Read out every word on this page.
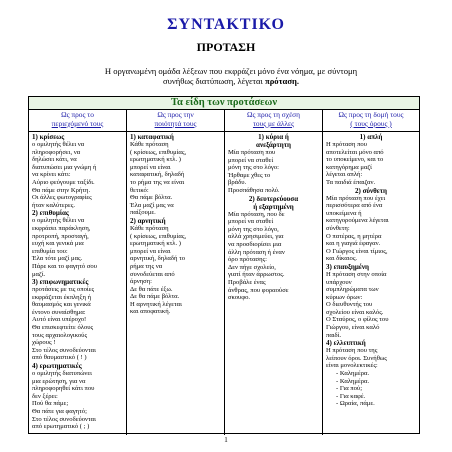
ΣΥΝΤΑΚΤΙΚΟ
ΠΡΟΤΑΣΗ
Η οργανωμένη ομάδα λέξεων που εκφράζει μόνο ένα νόημα, με σύντομη
συνήθως διατύπωση, λέγεται πρόταση.
Τα είδη των προτάσεων
Ως προς το
περιεχόμενό τους
Ως προς την
ποιότητά τους
Ως προς τη σχέση
τους με άλλες
Ως προς τη δομή τους
( τους όρους )
1) κρίσεως
ο ομιλητής θέλει να
πληροφορήσει, να
δηλώσει κάτι, να
διατυπώσει μια γνώμη ή
να κρίνει κάτι:
Αύριο φεύγουμε ταξίδι.
Θα πάμε στην Κρήτη.
Οι άλλες φωτογραφίες
ήταν καλύτερες.
2) επιθυμίας
ο ομιλητής θέλει να
εκφράσει παράκληση,
προτροπή, προσταγή,
ευχή και γενικά μια
επιθυμία του:
Έλα τότε μαζί μας.
Πάρε και το φαγητό σου
μαζί.
3) επιφωνηματικές
προτάσεις με τις οποίες
εκφράζεται έκπληξη ή
θαυμασμός και γενικά
έντονο συναίσθημα:
Αυτό είναι υπέροχο!
Θα επισκεφτείτε όλους
τους αρχαιολογικούς
χώρους !
Στο τέλος συνοδεύονται
από θαυμαστικό ( ! )
4) ερωτηματικές
ο ομιλητής διατυπώνει
μια ερώτηση, για να
πληροφορηθεί κάτι που
δεν ξέρει:
Πού θα πάμε;
Θα πάτε για φαγητό;
Στο τέλος συνοδεύονται
από ερωτηματικό ( ; )
1) καταφατική
Κάθε πρόταση
( κρίσεως, επιθυμίας,
ερωτηματική κτλ. )
μπορεί να είναι
καταφατική, δηλαδή
το ρήμα της να είναι
θετικό:
Θα πάμε βόλτα.
Έλα μαζί μας να
παίξουμε.
2) αρνητική
Κάθε πρόταση
( κρίσεως, επιθυμίας,
ερωτηματική κτλ. )
μπορεί να είναι
αρνητική, δηλαδή το
ρήμα της να
συνοδεύεται από
άρνηση:
Δε θα πάτε έξω.
Δε θα πάμε βόλτα.
Η αρνητική λέγεται
και αποφατική.
1) κύρια ή
ανεξάρτητη
Μία πρόταση που
μπορεί να σταθεί
μόνη της στο λόγο:
Ήρθαμε χθες το
βράδυ.
Προσπάθησα πολύ.
2) δευτερεύουσα
ή εξαρτημένη
Μία πρόταση, που δε
μπορεί να σταθεί
μόνη της στο λόγο,
αλλά χρησιμεύει, για
να προσδιορίσει μια
άλλη πρόταση ή έναν
όρο πρότασης:
Δεν πήγε σχολείο,
γιατί ήταν άρρωστος.
Προβάλε ένας
άνθρας, που φοραούσε
σκουφο.
1) απλή
Η πρόταση που
αποτελείται μόνο από
το υποκείμενο, και το
κατηγόρημα μαζί
λέγεται απλή:
Τα παιδιά έπαιζαν.
2) σύνθετη
Μία πρόταση που έχει
περισσότερα από ένα
υποκείμενα ή
κατηγορούμενα λέγεται
σύνθετη:
Ο πατέρας, η μητέρα
και η γιαγιά έφαγαν.
Ο Γιώργος είναι τίμιος,
και δίκαιος.
3) επαυξημένη
Η πρόταση στην οποία
υπάρχουν
συμπληρώματα των
κύριων όρων:
Ο διευθυντής του
σχολείου είναι καλός.
Ο Σταύρος, ο φίλος του
Γιώργου, είναι καλό
παιδί.
4) ελλειπτική
Η πρόταση που της
λείπουν όροι. Συνήθως
είναι μονολεκτικές:
- Καλημέρα.
- Καλημέρα.
- Για πού;
- Για καφέ.
- Ωραία, πάμε.
1
